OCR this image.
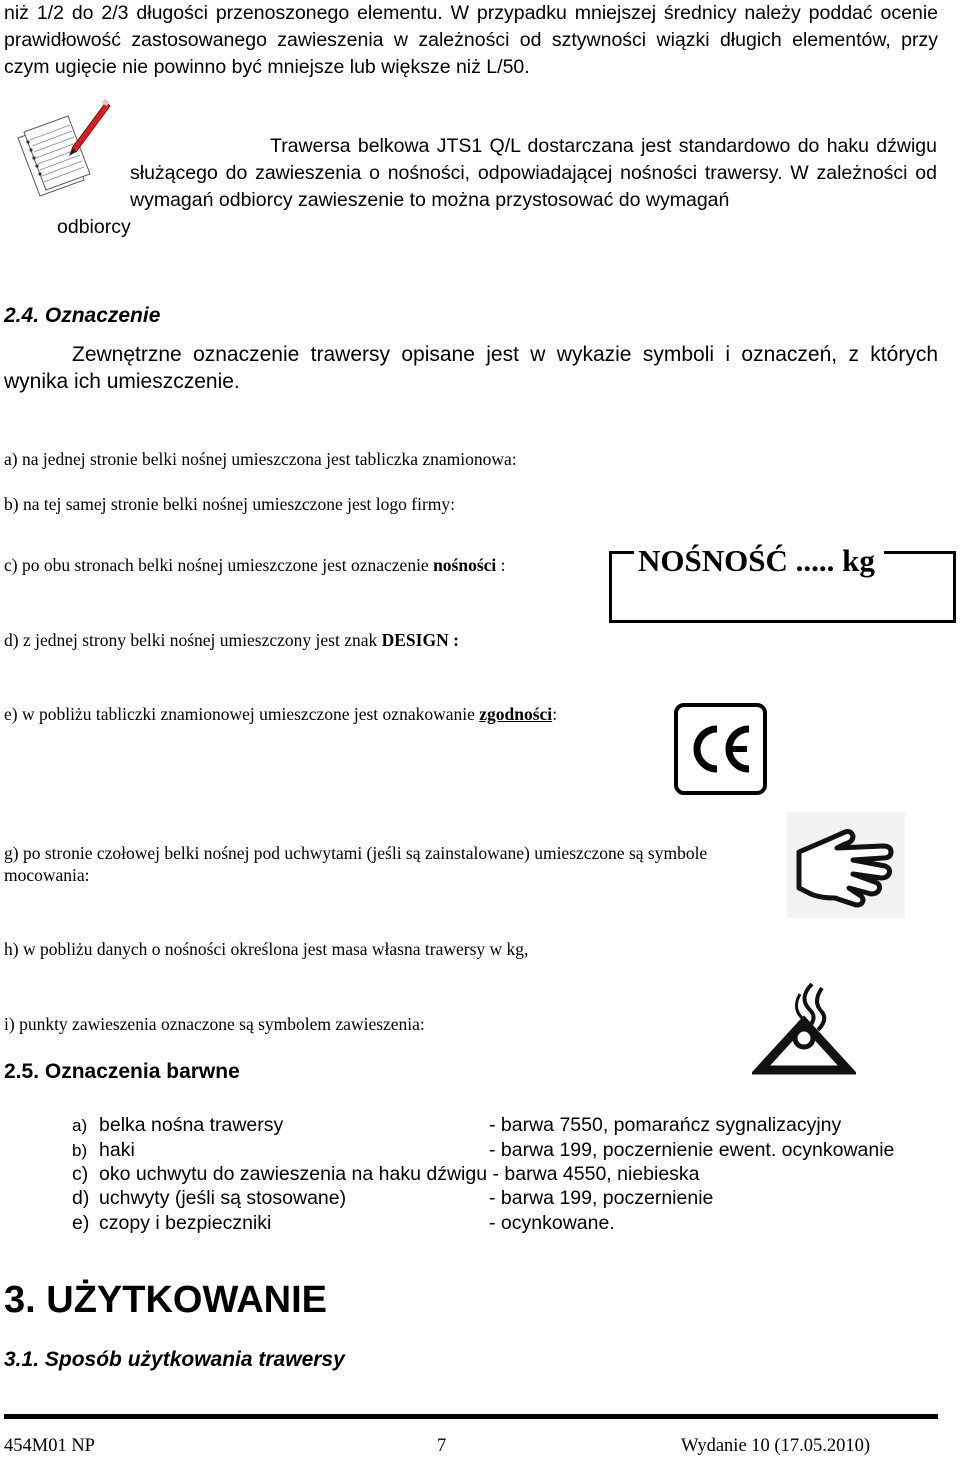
niż 1/2 do 2/3 długości przenoszonego elementu. W przypadku mniejszej średnicy należy poddać ocenie prawidłowość zastosowanego zawieszenia w zależności od sztywności wiązki długich elementów, przy czym ugięcie nie powinno być mniejsze lub większe niż L/50.
Trawersa belkowa JTS1 Q/L dostarczana jest standardowo do haku dźwigu służącego do zawieszenia o nośności, odpowiadającej nośności trawersy. W zależności od wymagań odbiorcy zawieszenie to można przystosować do wymagań
odbiorcy
2.4. Oznaczenie
Zewnętrzne oznaczenie trawersy opisane jest w wykazie symboli i oznaczeń, z których wynika ich umieszczenie.
a) na jednej stronie belki nośnej umieszczona jest tabliczka znamionowa:
b) na tej samej stronie belki nośnej umieszczone jest logo firmy:
c) po obu stronach belki nośnej umieszczone jest oznaczenie nośności :	NOŚNOŚĆ ..... kg
d) z jednej strony belki nośnej umieszczony jest znak DESIGN :
e) w pobliżu tabliczki znamionowej umieszczone jest oznakowanie zgodności:
g) po stronie czołowej belki nośnej pod uchwytami (jeśli są zainstalowane) umieszczone są symbole mocowania:
h) w pobliżu danych o nośności określona jest masa własna trawersy w kg,
i) punkty zawieszenia oznaczone są symbolem zawieszenia:
2.5. Oznaczenia barwne
a) belka nośna trawersy	- barwa 7550, pomarańcz sygnalizacyjny
b) haki	- barwa 199, poczernienie ewent. ocynkowanie
c) oko uchwytu do zawieszenia na haku dźwigu - barwa 4550, niebieska
d) uchwyty (jeśli są stosowane)	- barwa 199, poczernienie
e) czopy i bezpieczniki	- ocynkowane.
3. UŻYTKOWANIE
3.1. Sposób użytkowania trawersy
454M01 NP	7	Wydanie 10 (17.05.2010)
